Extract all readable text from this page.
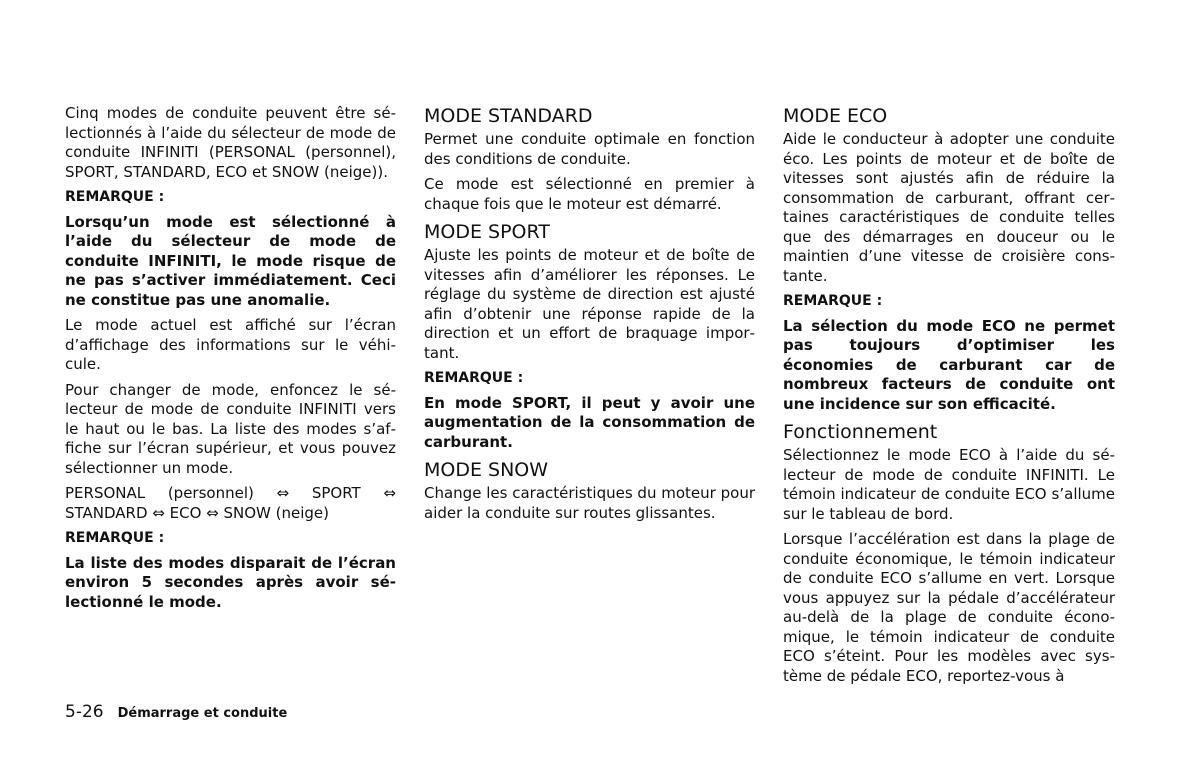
Cinq modes de conduite peuvent être sélectionnés à l’aide du sélecteur de mode de conduite INFINITI (PERSONAL (personnel), SPORT, STANDARD, ECO et SNOW (neige)).

REMARQUE :

Lorsqu’un mode est sélectionné à l’aide du sélecteur de mode de conduite INFINITI, le mode risque de ne pas s’activer immédiatement. Ceci ne constitue pas une anomalie.

Le mode actuel est affiché sur l’écran d’affichage des informations sur le véhicule.

Pour changer de mode, enfoncez le sélecteur de mode de conduite INFINITI vers le haut ou le bas. La liste des modes s’affiche sur l’écran supérieur, et vous pouvez sélectionner un mode.

PERSONAL (personnel) ⇔ SPORT ⇔ STANDARD ⇔ ECO ⇔ SNOW (neige)

REMARQUE :

La liste des modes disparait de l’écran environ 5 secondes après avoir sélectionné le mode.

MODE STANDARD

Permet une conduite optimale en fonction des conditions de conduite.

Ce mode est sélectionné en premier à chaque fois que le moteur est démarré.

MODE SPORT

Ajuste les points de moteur et de boîte de vitesses afin d’améliorer les réponses. Le réglage du système de direction est ajusté afin d’obtenir une réponse rapide de la direction et un effort de braquage important.

REMARQUE :

En mode SPORT, il peut y avoir une augmentation de la consommation de carburant.

MODE SNOW

Change les caractéristiques du moteur pour aider la conduite sur routes glissantes.

MODE ECO

Aide le conducteur à adopter une conduite éco. Les points de moteur et de boîte de vitesses sont ajustés afin de réduire la consommation de carburant, offrant certaines caractéristiques de conduite telles que des démarrages en douceur ou le maintien d’une vitesse de croisière constante.

REMARQUE :

La sélection du mode ECO ne permet pas toujours d’optimiser les économies de carburant car de nombreux facteurs de conduite ont une incidence sur son efficacité.

Fonctionnement

Sélectionnez le mode ECO à l’aide du sélecteur de mode de conduite INFINITI. Le témoin indicateur de conduite ECO s’allume sur le tableau de bord.

Lorsque l’accélération est dans la plage de conduite économique, le témoin indicateur de conduite ECO s’allume en vert. Lorsque vous appuyez sur la pédale d’accélérateur au-delà de la plage de conduite économique, le témoin indicateur de conduite ECO s’éteint. Pour les modèles avec système de pédale ECO, reportez-vous à

5-26 Démarrage et conduite
